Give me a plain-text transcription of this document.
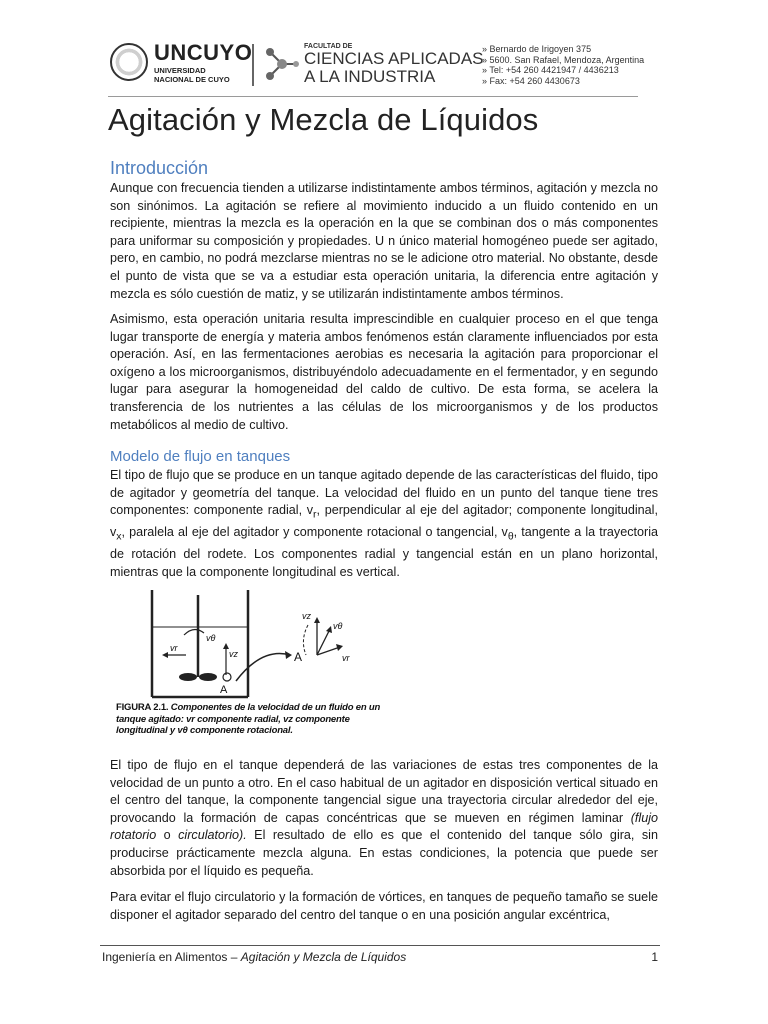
UNCUYO
UNIVERSIDAD
NACIONAL DE CUYO
FACULTAD DE
CIENCIAS APLICADAS
A LA INDUSTRIA
» Bernardo de Irigoyen 375
» 5600. San Rafael, Mendoza, Argentina
» Tel: +54 260 4421947 / 4436213
» Fax: +54 260 4430673
Agitación y Mezcla de Líquidos
Introducción

Aunque con frecuencia tienden a utilizarse indistintamente ambos términos, agitación y mezcla no son sinónimos. La agitación se refiere al movimiento inducido a un fluido contenido en un recipiente, mientras la mezcla es la operación en la que se combinan dos o más componentes para uniformar su composición y propiedades. U n único material homogéneo puede ser agitado, pero, en cambio, no podrá mezclarse mientras no se le adicione otro material. No obstante, desde el punto de vista que se va a estudiar esta operación unitaria, la diferencia entre agitación y mezcla es sólo cuestión de matiz, y se utilizarán indistintamente ambos términos.

Asimismo, esta operación unitaria resulta imprescindible en cualquier proceso en el que tenga lugar transporte de energía y materia ambos fenómenos están claramente influenciados por esta operación. Así, en las fermentaciones aerobias es necesaria la agitación para proporcionar el oxígeno a los microorganismos, distribuyéndolo adecuadamente en el fermentador, y en segundo lugar para asegurar la homogeneidad del caldo de cultivo. De esta forma, se acelera la transferencia de los nutrientes a las células de los microorganismos y de los productos metabólicos al medio de cultivo.

Modelo de flujo en tanques

El tipo de flujo que se produce en un tanque agitado depende de las características del fluido, tipo de agitador y geometría del tanque. La velocidad del fluido en un punto del tanque tiene tres componentes: componente radial, $v_r$, perpendicular al eje del agitador; componente longitudinal, $v_x$, paralela al eje del agitador y componente rotacional o tangencial, $v_\theta$, tangente a la trayectoria de rotación del rodete. Los componentes radial y tangencial están en un plano horizontal, mientras que la componente longitudinal es vertical.

vθ
vr
vz
A
A
vz
vθ
vr
FIGURA 2.1. Componentes de la velocidad de un fluido en un tanque agitado: vr componente radial, vz componente longitudinal y vθ componente rotacional.

El tipo de flujo en el tanque dependerá de las variaciones de estas tres componentes de la velocidad de un punto a otro. En el caso habitual de un agitador en disposición vertical situado en el centro del tanque, la componente tangencial sigue una trayectoria circular alrededor del eje, provocando la formación de capas concéntricas que se mueven en régimen laminar (flujo rotatorio o circulatorio). El resultado de ello es que el contenido del tanque sólo gira, sin producirse prácticamente mezcla alguna. En estas condiciones, la potencia que puede ser absorbida por el líquido es pequeña.

Para evitar el flujo circulatorio y la formación de vórtices, en tanques de pequeño tamaño se suele disponer el agitador separado del centro del tanque o en una posición angular excéntrica,

Ingeniería en Alimentos – Agitación y Mezcla de Líquidos	1
